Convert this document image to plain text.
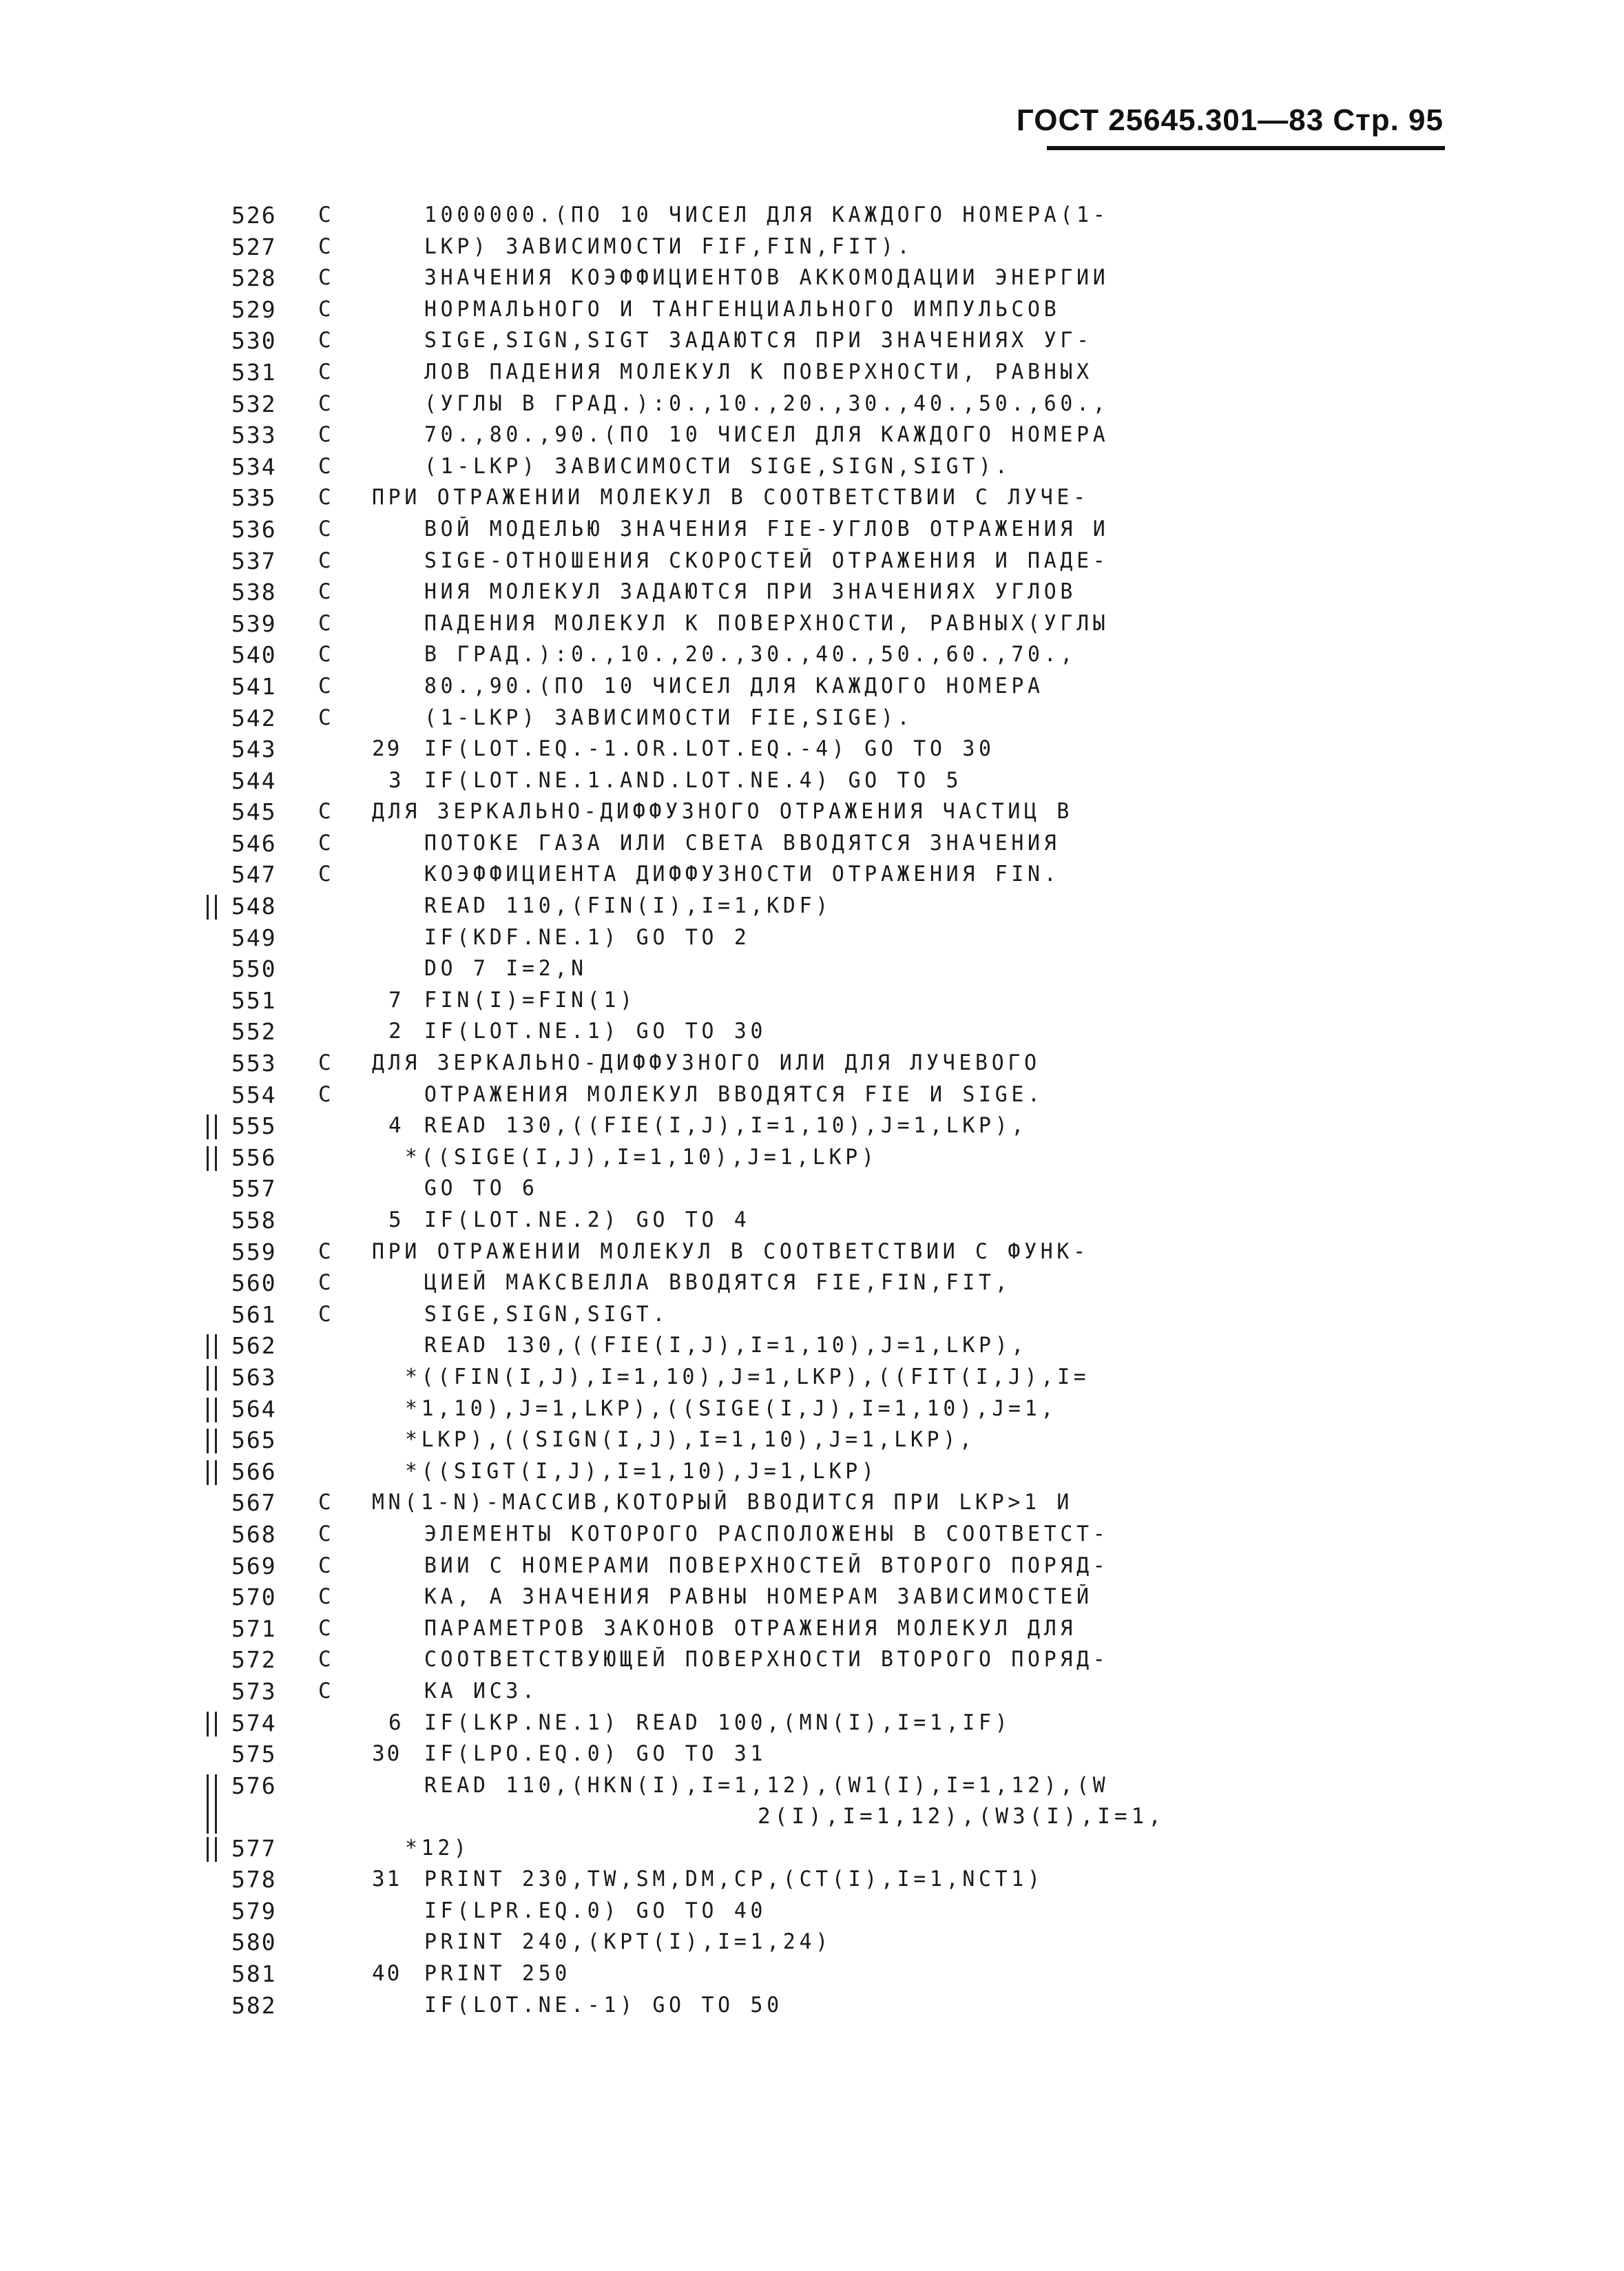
ГОСТ 25645.301—83 Стр. 95
526	C	1000000.(ПО 10 ЧИСЕЛ ДЛЯ КАЖДОГО НОМЕРА(1-
527	C	LKP) ЗАВИСИМОСТИ FIF,FIN,FIT).
528	C	ЗНАЧЕНИЯ КОЭФФИЦИЕНТОВ АККОМОДАЦИИ ЭНЕРГИИ
529	C	НОРМАЛЬНОГО И ТАНГЕНЦИАЛЬНОГО ИМПУЛЬСОВ
530	C	SIGE,SIGN,SIGT ЗАДАЮТСЯ ПРИ ЗНАЧЕНИЯХ УГ-
531	C	ЛОВ ПАДЕНИЯ МОЛЕКУЛ К ПОВЕРХНОСТИ, РАВНЫХ
532	C	(УГЛЫ В ГРАД.):0.,10.,20.,30.,40.,50.,60.,
533	C	70.,80.,90.(ПО 10 ЧИСЕЛ ДЛЯ КАЖДОГО НОМЕРА
534	C	(1-LKP) ЗАВИСИМОСТИ SIGE,SIGN,SIGT).
535	C	ПРИ ОТРАЖЕНИИ МОЛЕКУЛ В СООТВЕТСТВИИ С ЛУЧЕ-
536	C	ВОЙ МОДЕЛЬЮ ЗНАЧЕНИЯ FIE-УГЛОВ ОТРАЖЕНИЯ И
537	C	SIGE-ОТНОШЕНИЯ СКОРОСТЕЙ ОТРАЖЕНИЯ И ПАДЕ-
538	C	НИЯ МОЛЕКУЛ ЗАДАЮТСЯ ПРИ ЗНАЧЕНИЯХ УГЛОВ
539	C	ПАДЕНИЯ МОЛЕКУЛ К ПОВЕРХНОСТИ, РАВНЫХ(УГЛЫ
540	C	В ГРАД.):0.,10.,20.,30.,40.,50.,60.,70.,
541	C	80.,90.(ПО 10 ЧИСЕЛ ДЛЯ КАЖДОГО НОМЕРА
542	C	(1-LKP) ЗАВИСИМОСТИ FIE,SIGE).
543	29 IF(LOT.EQ.-1.OR.LOT.EQ.-4) GO TO 30
544	3 IF(LOT.NE.1.AND.LOT.NE.4) GO TO 5
545	C	ДЛЯ ЗЕРКАЛЬНО-ДИФФУЗНОГО ОТРАЖЕНИЯ ЧАСТИЦ В
546	C	ПОТОКЕ ГАЗА ИЛИ СВЕТА ВВОДЯТСЯ ЗНАЧЕНИЯ
547	C	КОЭФФИЦИЕНТА ДИФФУЗНОСТИ ОТРАЖЕНИЯ FIN.
548	READ 110,(FIN(I),I=1,KDF)
549	IF(KDF.NE.1) GO TO 2
550	DO 7 I=2,N
551	7 FIN(I)=FIN(1)
552	2 IF(LOT.NE.1) GO TO 30
553	C	ДЛЯ ЗЕРКАЛЬНО-ДИФФУЗНОГО ИЛИ ДЛЯ ЛУЧЕВОГО
554	C	ОТРАЖЕНИЯ МОЛЕКУЛ ВВОДЯТСЯ FIE И SIGE.
555	4 READ 130,((FIE(I,J),I=1,10),J=1,LKP),
556	*((SIGE(I,J),I=1,10),J=1,LKP)
557	GO TO 6
558	5 IF(LOT.NE.2) GO TO 4
559	C	ПРИ ОТРАЖЕНИИ МОЛЕКУЛ В СООТВЕТСТВИИ С ФУНК-
560	C	ЦИЕЙ МАКСВЕЛЛА ВВОДЯТСЯ FIE,FIN,FIT,
561	C	SIGE,SIGN,SIGT.
562	READ 130,((FIE(I,J),I=1,10),J=1,LKP),
563	*((FIN(I,J),I=1,10),J=1,LKP),((FIT(I,J),I=
564	*1,10),J=1,LKP),((SIGE(I,J),I=1,10),J=1,
565	*LKP),((SIGN(I,J),I=1,10),J=1,LKP),
566	*((SIGT(I,J),I=1,10),J=1,LKP)
567	C	MN(1-N)-МАССИВ,КОТОРЫЙ ВВОДИТСЯ ПРИ LKP>1 И
568	C	ЭЛЕМЕНТЫ КОТОРОГО РАСПОЛОЖЕНЫ В СООТВЕТСТ-
569	C	ВИИ С НОМЕРАМИ ПОВЕРХНОСТЕЙ ВТОРОГО ПОРЯД-
570	C	КА, А ЗНАЧЕНИЯ РАВНЫ НОМЕРАМ ЗАВИСИМОСТЕЙ
571	C	ПАРАМЕТРОВ ЗАКОНОВ ОТРАЖЕНИЯ МОЛЕКУЛ ДЛЯ
572	C	СООТВЕТСТВУЮЩЕЙ ПОВЕРХНОСТИ ВТОРОГО ПОРЯД-
573	C	КА ИСЗ.
574	6 IF(LKP.NE.1) READ 100,(MN(I),I=1,IF)
575	30 IF(LPO.EQ.0) GO TO 31
576	READ 110,(HKN(I),I=1,12),(W1(I),I=1,12),(W
2(I),I=1,12),(W3(I),I=1,
577	*12)
578	31 PRINT 230,TW,SM,DM,CP,(CT(I),I=1,NCT1)
579	IF(LPR.EQ.0) GO TO 40
580	PRINT 240,(KPT(I),I=1,24)
581	40 PRINT 250
582	IF(LOT.NE.-1) GO TO 50
